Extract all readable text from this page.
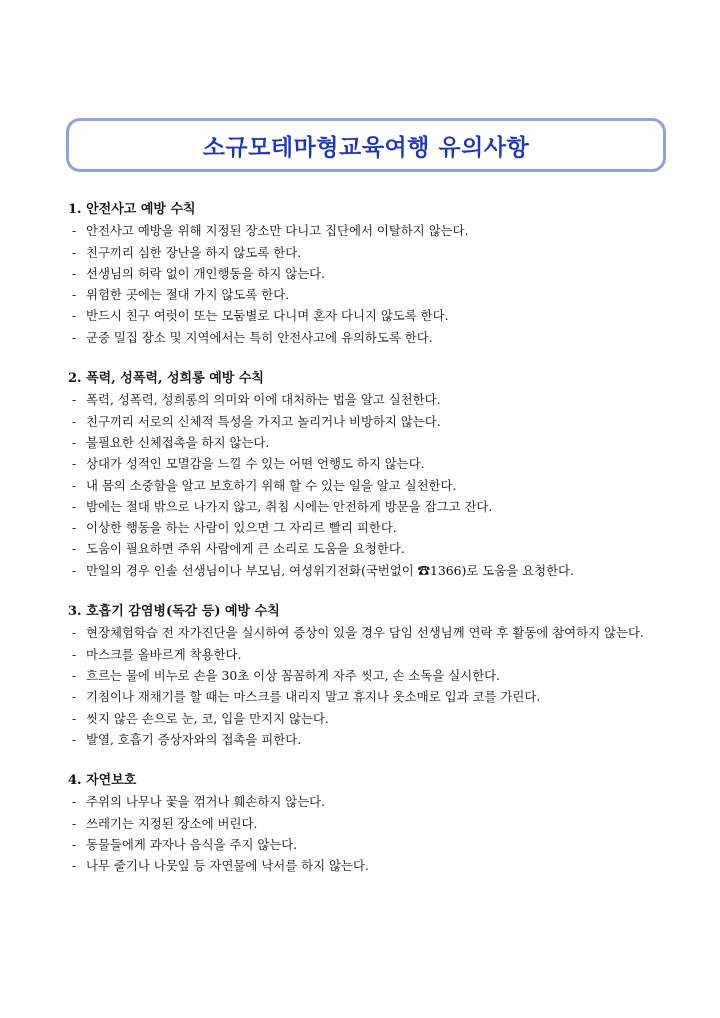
소규모테마형교육여행 유의사항
1. 안전사고 예방 수칙
- 안전사고 예방을 위해 지정된 장소만 다니고 집단에서 이탈하지 않는다.
- 친구끼리 심한 장난을 하지 않도록 한다.
- 선생님의 허락 없이 개인행동을 하지 않는다.
- 위험한 곳에는 절대 가지 않도록 한다.
- 반드시 친구 여럿이 또는 모둠별로 다니며 혼자 다니지 않도록 한다.
- 군중 밀집 장소 및 지역에서는 특히 안전사고에 유의하도록 한다.
2. 폭력, 성폭력, 성희롱 예방 수칙
- 폭력, 성폭력, 성희롱의 의미와 이에 대처하는 법을 알고 실천한다.
- 친구끼리 서로의 신체적 특성을 가지고 놀리거나 비방하지 않는다.
- 불필요한 신체접촉을 하지 않는다.
- 상대가 성적인 모멸감을 느낄 수 있는 어떤 언행도 하지 않는다.
- 내 몸의 소중함을 알고 보호하기 위해 할 수 있는 일을 알고 실천한다.
- 밤에는 절대 밖으로 나가지 않고, 취침 시에는 안전하게 방문을 잠그고 잔다.
- 이상한 행동을 하는 사람이 있으면 그 자리르 빨리 피한다.
- 도움이 필요하면 주위 사람에게 큰 소리로 도움을 요청한다.
- 만일의 경우 인솔 선생님이나 부모님, 여성위기전화(국번없이 ☎1366)로 도움을 요청한다.
3. 호흡기 감염병(독감 등) 예방 수칙
- 현장체험학습 전 자가진단을 실시하여 증상이 있을 경우 담임 선생님께 연락 후 활동에 참여하지 않는다.
- 마스크를 올바르게 착용한다.
- 흐르는 물에 비누로 손을 30초 이상 꼼꼼하게 자주 씻고, 손 소독을 실시한다.
- 기침이나 재채기를 할 때는 마스크를 내리지 말고 휴지나 옷소매로 입과 코를 가린다.
- 씻지 않은 손으로 눈, 코, 입을 만지지 않는다.
- 발열, 호흡기 증상자와의 접촉을 피한다.
4. 자연보호
- 주위의 나무나 꽃을 꺾거나 훼손하지 않는다.
- 쓰레기는 지정된 장소에 버린다.
- 동물들에게 과자나 음식을 주지 않는다.
- 나무 줄기나 나뭇잎 등 자연물에 낙서를 하지 않는다.
